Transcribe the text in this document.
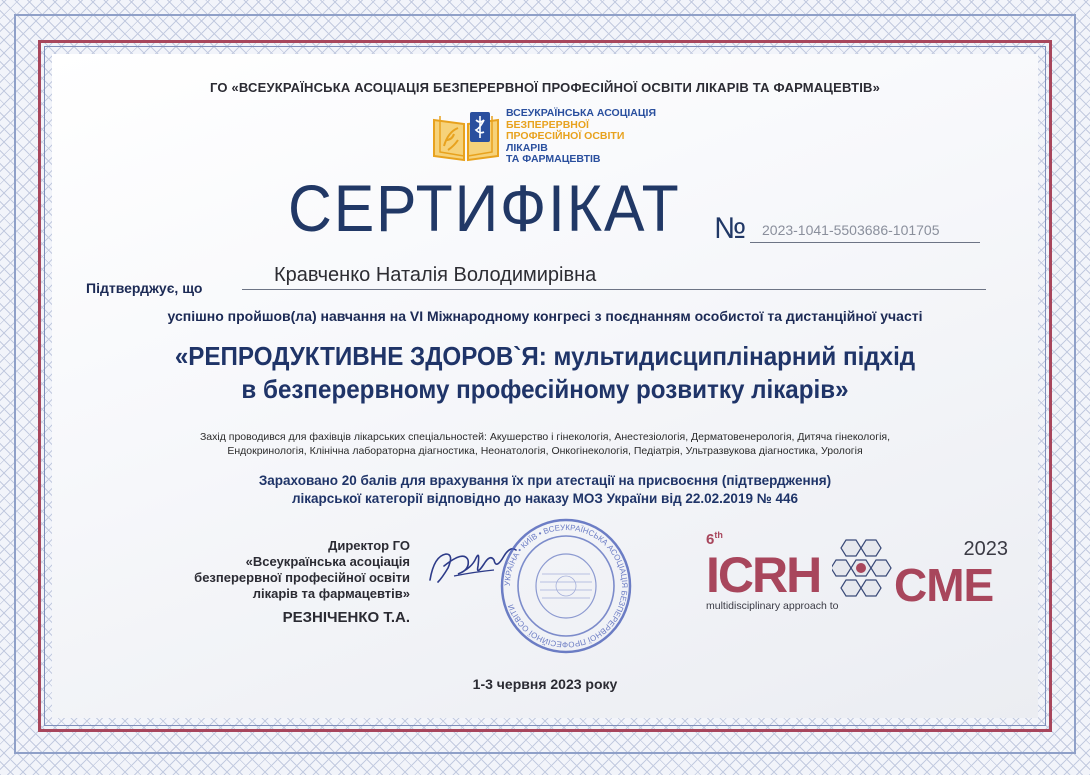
ГО «ВСЕУКРАЇНСЬКА АСОЦІАЦІЯ БЕЗПЕРЕРВНОЇ ПРОФЕСІЙНОЇ ОСВІТИ ЛІКАРІВ ТА ФАРМАЦЕВТІВ»
ВСЕУКРАЇНСЬКА АСОЦІАЦІЯ
БЕЗПЕРЕРВНОЇ
ПРОФЕСІЙНОЇ ОСВІТИ
ЛІКАРІВ
ТА ФАРМАЦЕВТІВ
СЕРТИФІКАТ №	2023-1041-5503686-101705
Підтверджує, що
Кравченко Наталія Володимирівна
успішно пройшов(ла) навчання на VI Міжнародному конгресі з поєднанням особистої та дистанційної участі
«РЕПРОДУКТИВНЕ ЗДОРОВ`Я: мультидисциплінарний підхід
в безперервному професійному розвитку лікарів»
Захід проводився для фахівців лікарських спеціальностей: Акушерство і гінекологія, Анестезіологія, Дерматовенерологія, Дитяча гінекологія,
Ендокринологія, Клінічна лабораторна діагностика, Неонатологія, Онкогінекологія, Педіатрія, Ультразвукова діагностика, Урологія
Зараховано 20 балів для врахування їх при атестації на присвоєння (підтвердження)
лікарської категорії відповідно до наказу МОЗ України від 22.02.2019 № 446
Директор ГО
«Всеукраїнська асоціація
безперервної професійної освіти
лікарів та фармацевтів»
РЕЗНІЧЕНКО Т.А.
УКРАЇНА • КИЇВ • ВСЕУКРАЇНСЬКА АСОЦІАЦІЯ БЕЗПЕРЕРВНОЇ ПРОФЕСІЙНОЇ ОСВІТИ
6th
2023
ICRH CME
multidisciplinary approach to
1-3 червня 2023 року
